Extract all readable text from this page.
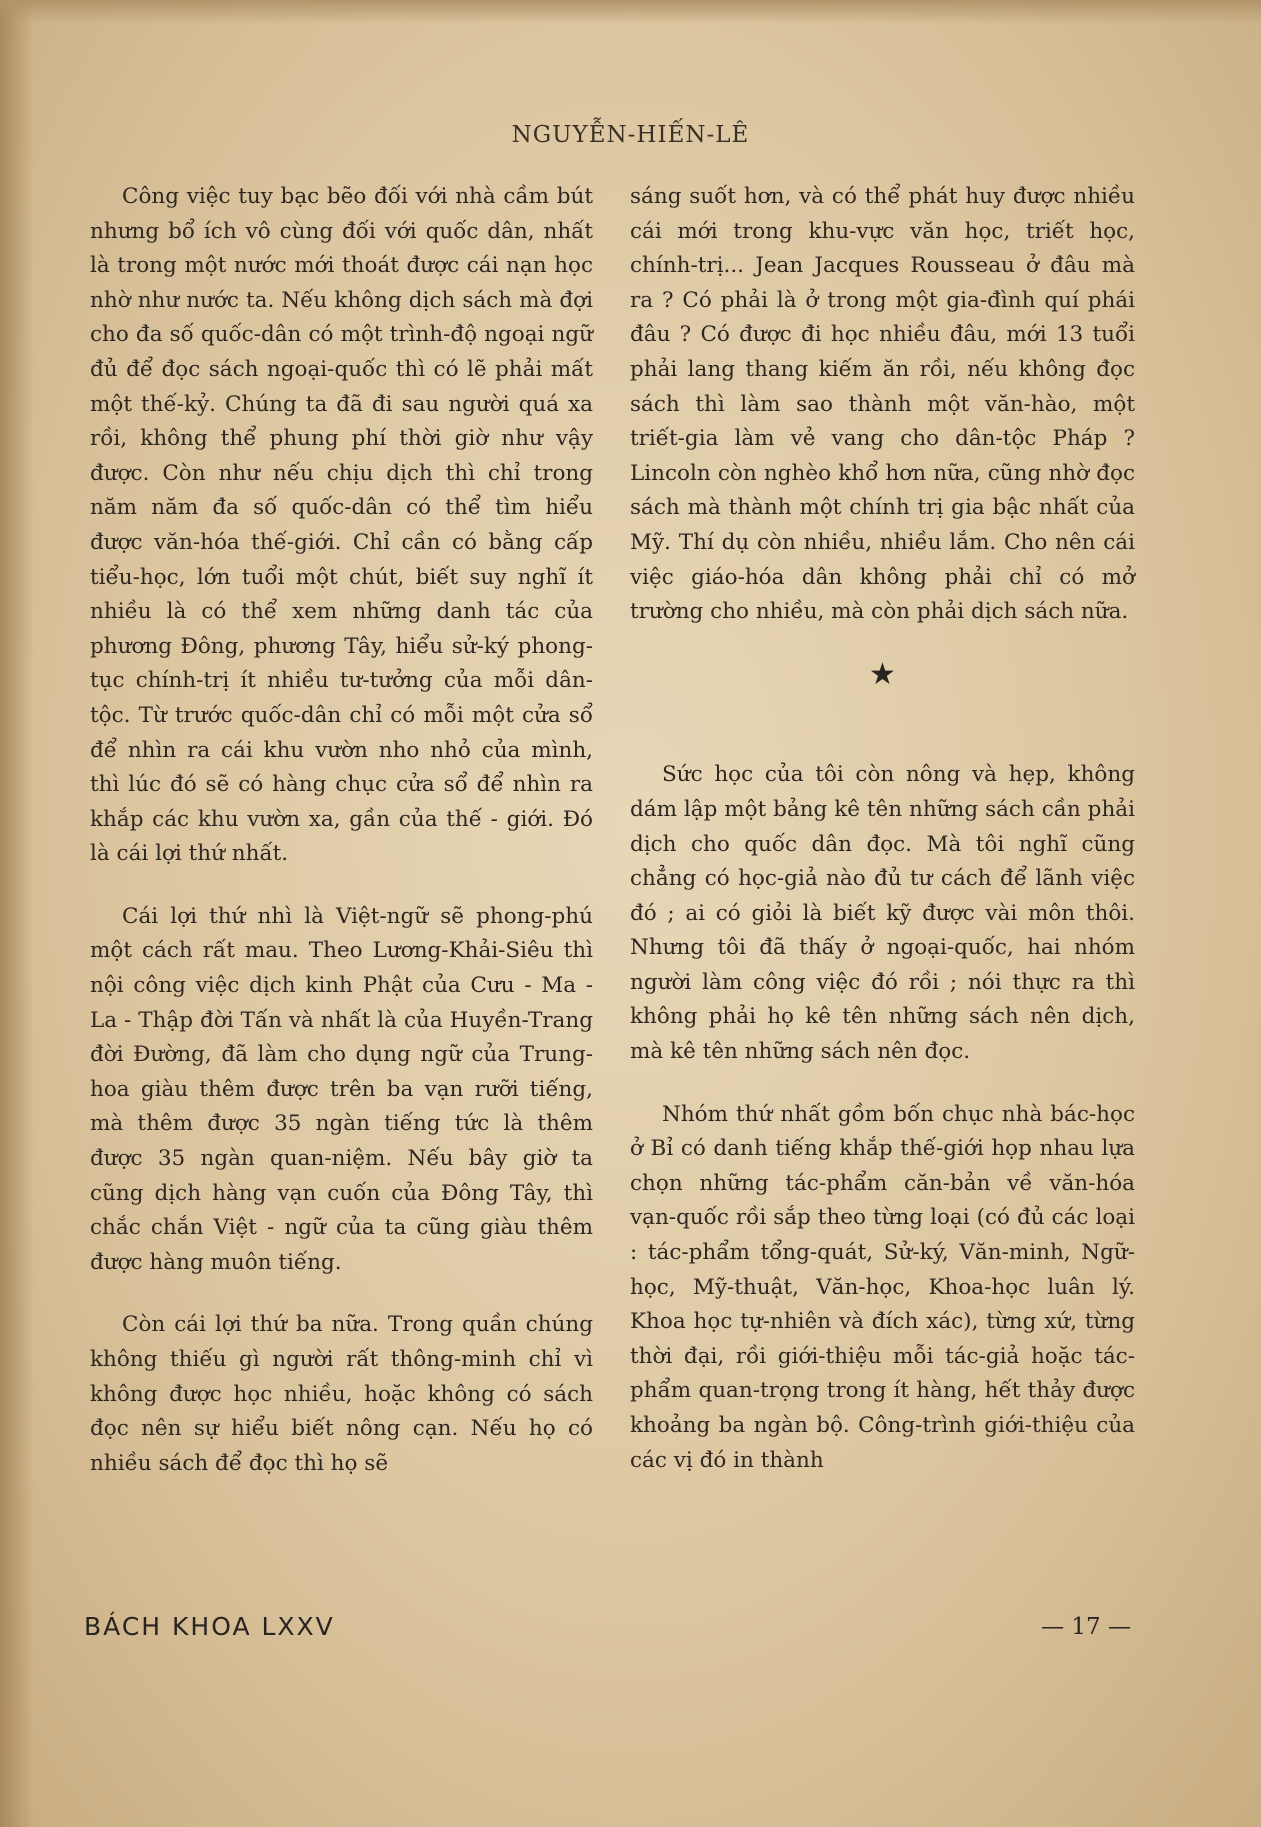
NGUYỄN-HIẾN-LÊ

Công việc tuy bạc bẽo đối với nhà cầm bút nhưng bổ ích vô cùng đối với quốc dân, nhất là trong một nước mới thoát được cái nạn học nhờ như nước ta. Nếu không dịch sách mà đợi cho đa số quốc-dân có một trình-độ ngoại ngữ đủ để đọc sách ngoại-quốc thì có lẽ phải mất một thế-kỷ. Chúng ta đã đi sau người quá xa rồi, không thể phung phí thời giờ như vậy được. Còn như nếu chịu dịch thì chỉ trong năm năm đa số quốc-dân có thể tìm hiểu được văn-hóa thế-giới. Chỉ cần có bằng cấp tiểu-học, lớn tuổi một chút, biết suy nghĩ ít nhiều là có thể xem những danh tác của phương Đông, phương Tây, hiểu sử-ký phong-tục chính-trị ít nhiều tư-tưởng của mỗi dân-tộc. Từ trước quốc-dân chỉ có mỗi một cửa sổ để nhìn ra cái khu vườn nho nhỏ của mình, thì lúc đó sẽ có hàng chục cửa sổ để nhìn ra khắp các khu vườn xa, gần của thế - giới. Đó là cái lợi thứ nhất.

Cái lợi thứ nhì là Việt-ngữ sẽ phong-phú một cách rất mau. Theo Lương-Khải-Siêu thì nội công việc dịch kinh Phật của Cưu - Ma - La - Thập đời Tấn và nhất là của Huyền-Trang đời Đường, đã làm cho dụng ngữ của Trung-hoa giàu thêm được trên ba vạn rưỡi tiếng, mà thêm được 35 ngàn tiếng tức là thêm được 35 ngàn quan-niệm. Nếu bây giờ ta cũng dịch hàng vạn cuốn của Đông Tây, thì chắc chắn Việt - ngữ của ta cũng giàu thêm được hàng muôn tiếng.

Còn cái lợi thứ ba nữa. Trong quần chúng không thiếu gì người rất thông-minh chỉ vì không được học nhiều, hoặc không có sách đọc nên sự hiểu biết nông cạn. Nếu họ có nhiều sách để đọc thì họ sẽ

sáng suốt hơn, và có thể phát huy được nhiều cái mới trong khu-vực văn học, triết học, chính-trị... Jean Jacques Rousseau ở đâu mà ra ? Có phải là ở trong một gia-đình quí phái đâu ? Có được đi học nhiều đâu, mới 13 tuổi phải lang thang kiếm ăn rồi, nếu không đọc sách thì làm sao thành một văn-hào, một triết-gia làm vẻ vang cho dân-tộc Pháp ? Lincoln còn nghèo khổ hơn nữa, cũng nhờ đọc sách mà thành một chính trị gia bậc nhất của Mỹ. Thí dụ còn nhiều, nhiều lắm. Cho nên cái việc giáo-hóa dân không phải chỉ có mở trường cho nhiều, mà còn phải dịch sách nữa.

★

Sức học của tôi còn nông và hẹp, không dám lập một bảng kê tên những sách cần phải dịch cho quốc dân đọc. Mà tôi nghĩ cũng chẳng có học-giả nào đủ tư cách để lãnh việc đó ; ai có giỏi là biết kỹ được vài môn thôi. Nhưng tôi đã thấy ở ngoại-quốc, hai nhóm người làm công việc đó rồi ; nói thực ra thì không phải họ kê tên những sách nên dịch, mà kê tên những sách nên đọc.

Nhóm thứ nhất gồm bốn chục nhà bác-học ở Bỉ có danh tiếng khắp thế-giới họp nhau lựa chọn những tác-phẩm căn-bản về văn-hóa vạn-quốc rồi sắp theo từng loại (có đủ các loại : tác-phẩm tổng-quát, Sử-ký, Văn-minh, Ngữ-học, Mỹ-thuật, Văn-học, Khoa-học luân lý. Khoa học tự-nhiên và đích xác), từng xứ, từng thời đại, rồi giới-thiệu mỗi tác-giả hoặc tác-phẩm quan-trọng trong ít hàng, hết thảy được khoảng ba ngàn bộ. Công-trình giới-thiệu của các vị đó in thành

BÁCH KHOA LXXV	— 17 —
